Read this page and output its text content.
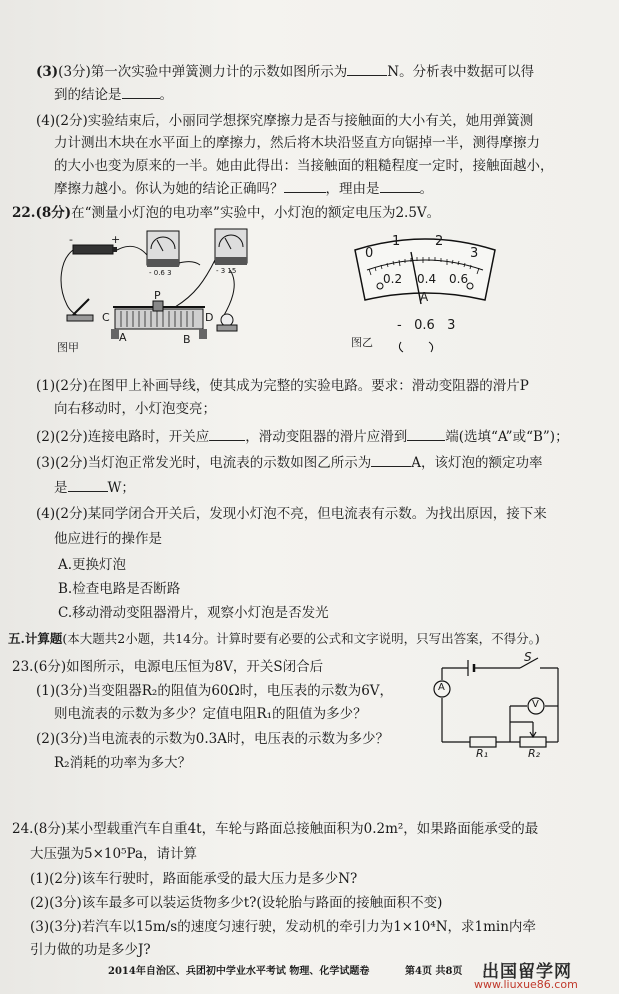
(3)(3分)第一次实验中弹簧测力计的示数如图所示为	N。分析表中数据可以得
到的结论是	。
(4)(2分)实验结束后，小丽同学想探究摩擦力是否与接触面的大小有关，她用弹簧测
力计测出木块在水平面上的摩擦力，然后将木块沿竖直方向锯掉一半，测得摩擦力
的大小也变为原来的一半。她由此得出：当接触面的粗糙程度一定时，接触面越小，
摩擦力越小。你认为她的结论正确吗？	，理由是	。
22.(8分)在“测量小灯泡的电功率”实验中，小灯泡的额定电压为2.5V。
-	+
- 0.6 3	- 3 15
P
C	D
A	B
图甲
0
1	2
3
0.2 0.4 0.6
A
-   0.6   3
图乙
(1)(2分)在图甲上补画导线，使其成为完整的实验电路。要求：滑动变阻器的滑片P
向右移动时，小灯泡变亮；
(2)(2分)连接电路时，开关应	，滑动变阻器的滑片应滑到	端(选填“A”或“B”)；
(3)(2分)当灯泡正常发光时，电流表的示数如图乙所示为	A，该灯泡的额定功率
是	W；
(4)(2分)某同学闭合开关后，发现小灯泡不亮，但电流表有示数。为找出原因，接下来
他应进行的操作是
A.更换灯泡
B.检查电路是否断路
C.移动滑动变阻器滑片，观察小灯泡是否发光
五.计算题(本大题共2小题，共14分。计算时要有必要的公式和文字说明，只写出答案，不得分。)
23.(6分)如图所示，电源电压恒为8V，开关S闭合后
(1)(3分)当变阻器R₂的阻值为60Ω时，电压表的示数为6V，
则电流表的示数为多少？定值电阻R₁的阻值为多少？
(2)(3分)当电流表的示数为0.3A时，电压表的示数为多少？
R₂消耗的功率为多大？
S
A
V
R₁	R₂
24.(8分)某小型载重汽车自重4t，车轮与路面总接触面积为0.2m²，如果路面能承受的最
大压强为5×10⁵Pa，请计算
(1)(2分)该车行驶时，路面能承受的最大压力是多少N?
(2)(3分)该车最多可以装运货物多少t?(设轮胎与路面的接触面积不变)
(3)(3分)若汽车以15m/s的速度匀速行驶，发动机的牵引力为1×10⁴N，求1min内牵
引力做的功是多少J?
2014年自治区、兵团初中学业水平考试 物理、化学试题卷	第4页 共8页 出国留学网
www.liuxue86.com
